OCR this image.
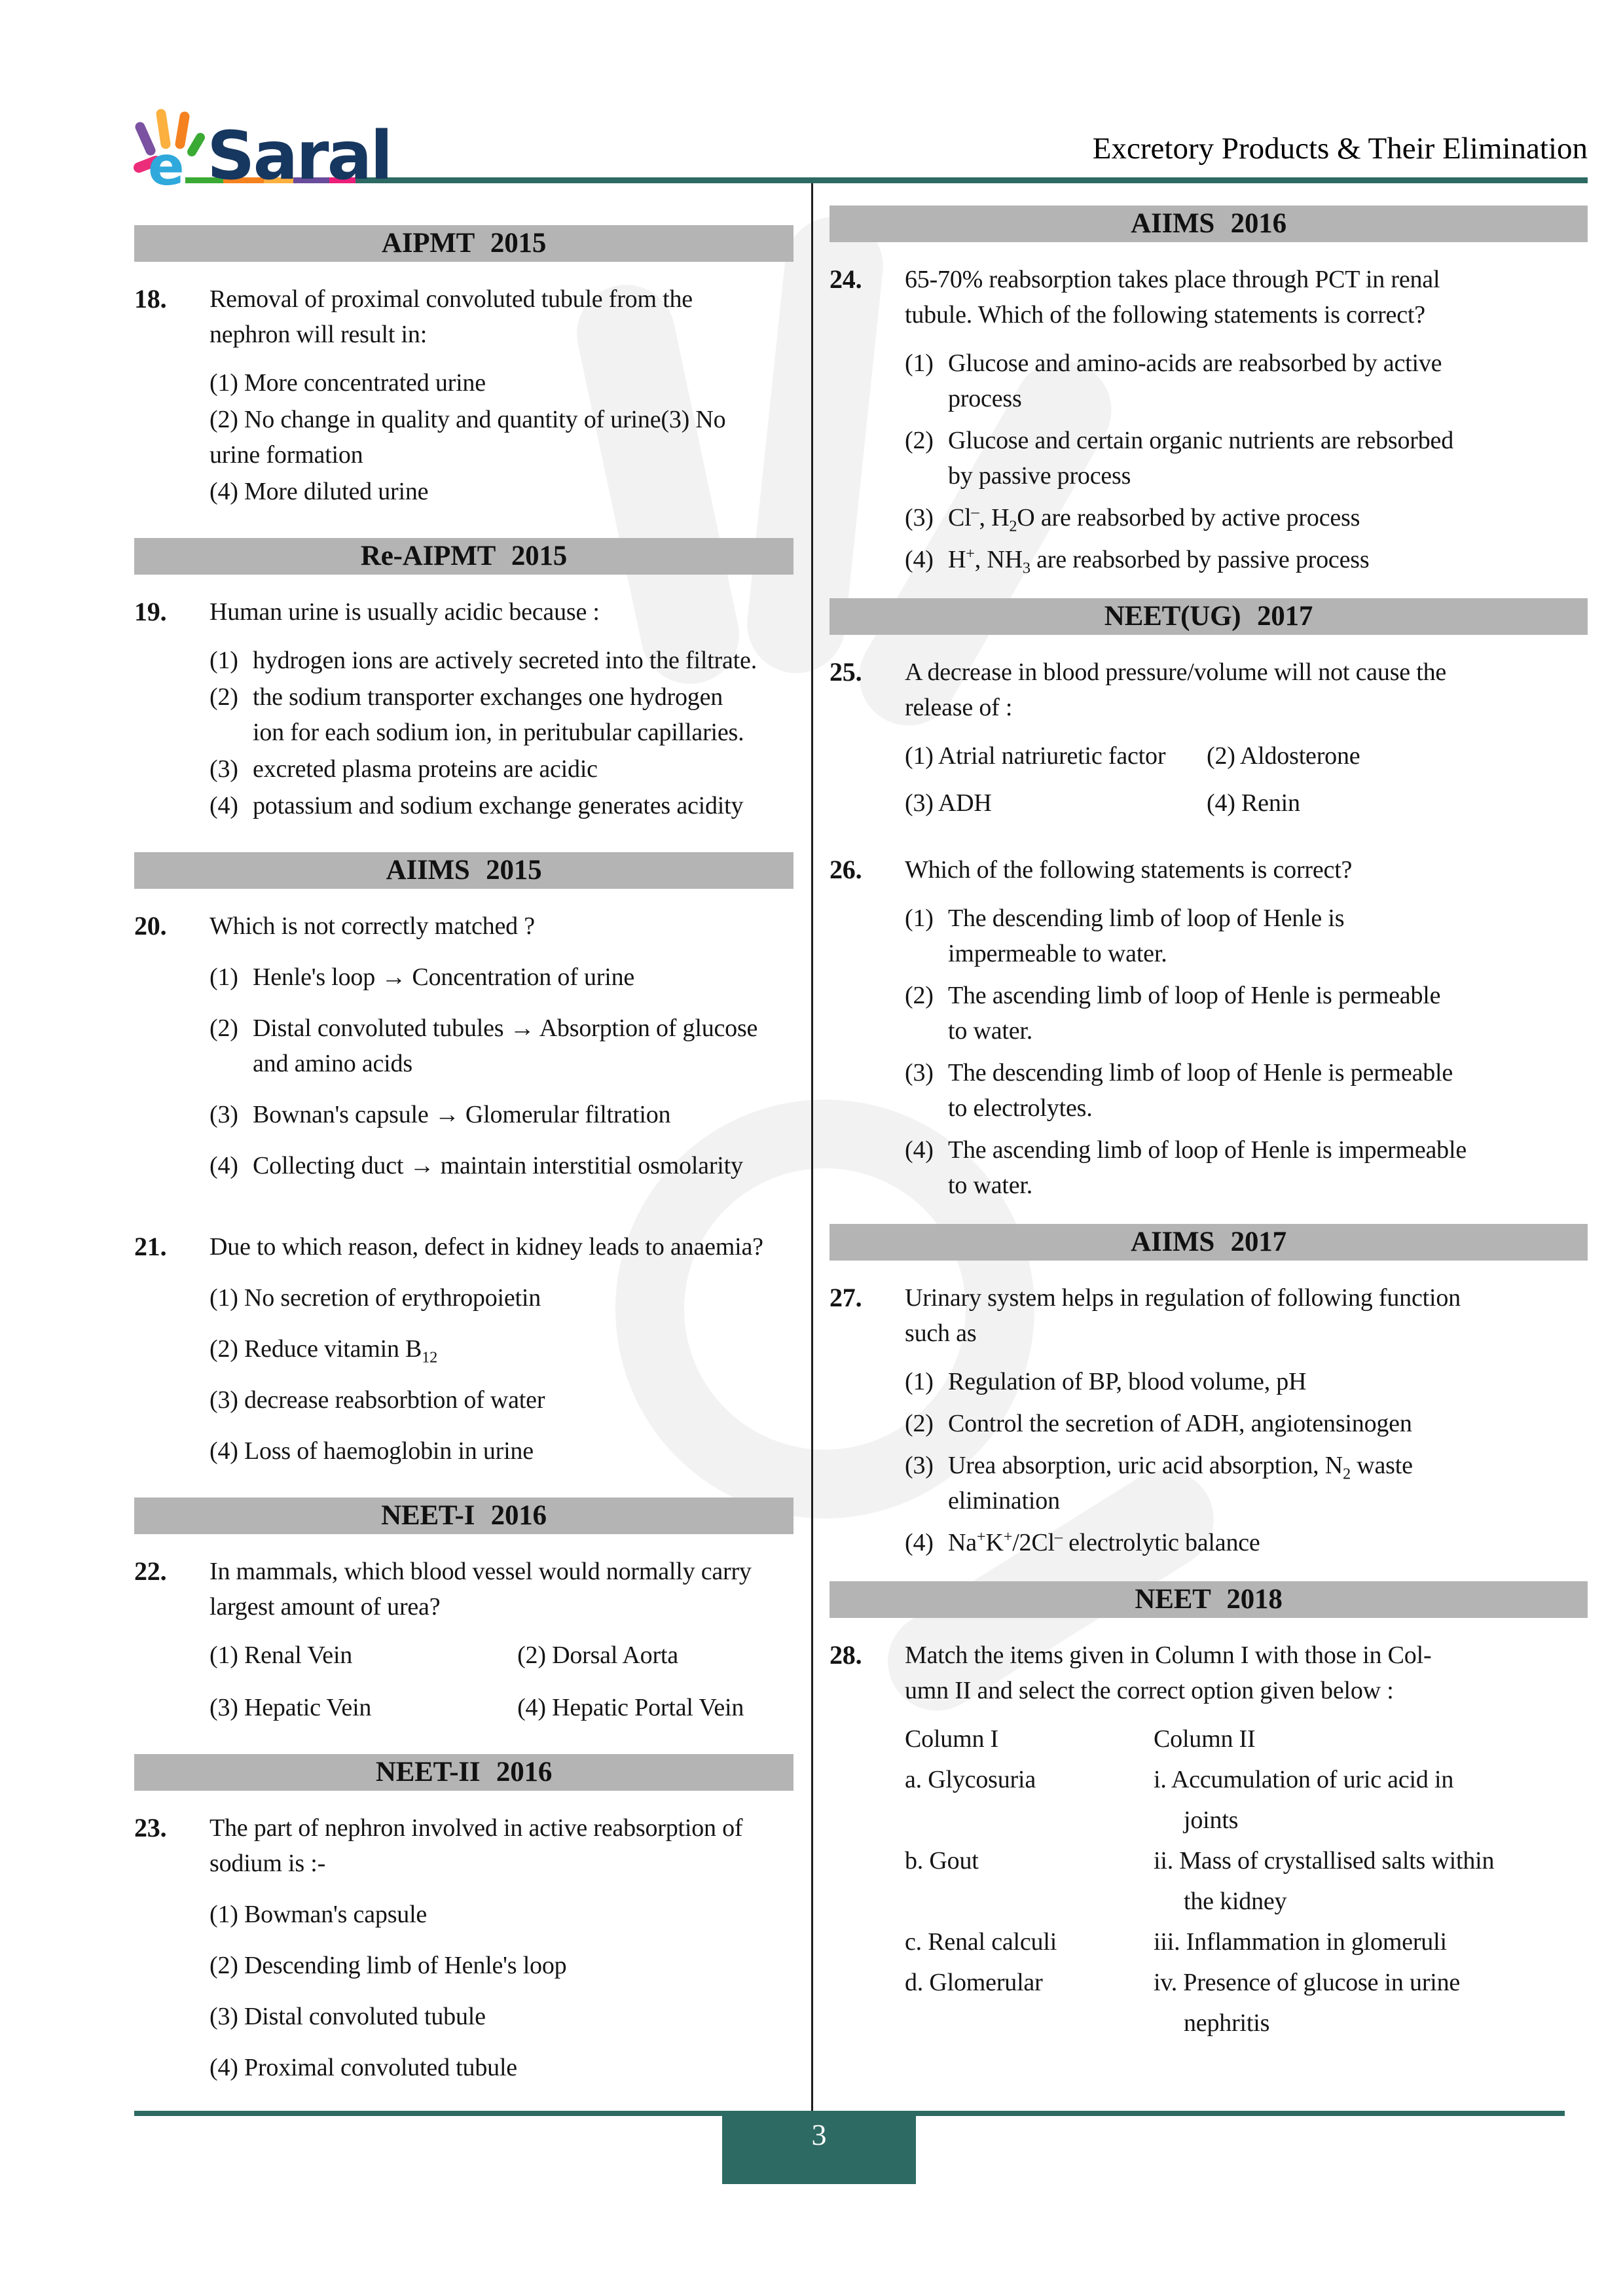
e Saral	Excretory Products & Their Elimination
AIPMT 2015
18.	Removal of proximal convoluted tubule from the
nephron will result in:
(1) More concentrated urine
(2) No change in quality and quantity of urine(3) No
urine formation
(4) More diluted urine
Re-AIPMT 2015
19.	Human urine is usually acidic because :
(1) hydrogen ions are actively secreted into the filtrate.
(2) the sodium transporter exchanges one hydrogen
ion for each sodium ion, in peritubular capillaries.
(3) excreted plasma proteins are acidic
(4) potassium and sodium exchange generates acidity
AIIMS 2015
20.	Which is not correctly matched ?
(1) Henle's loop → Concentration of urine
(2) Distal convoluted tubules → Absorption of glucose
and amino acids
(3) Bownan's capsule → Glomerular filtration
(4) Collecting duct → maintain interstitial osmolarity
21.	Due to which reason, defect in kidney leads to anaemia?
(1) No secretion of erythropoietin
(2) Reduce vitamin $B_{12}$
(3) decrease reabsorbtion of water
(4) Loss of haemoglobin in urine
NEET-I 2016
22.	In mammals, which blood vessel would normally carry
largest amount of urea?
(1) Renal Vein	(2) Dorsal Aorta
(3) Hepatic Vein	(4) Hepatic Portal Vein
NEET-II 2016
23.	The part of nephron involved in active reabsorption of
sodium is :-
(1) Bowman's capsule
(2) Descending limb of Henle's loop
(3) Distal convoluted tubule
(4) Proximal convoluted tubule
AIIMS 2016
24.	65-70% reabsorption takes place through PCT in renal
tubule. Which of the following statements is correct?
(1) Glucose and amino-acids are reabsorbed by active
process
(2) Glucose and certain organic nutrients are rebsorbed
by passive process
(3) Cl–, $H_2O$ are reabsorbed by active process
(4) H+, $NH_3$ are reabsorbed by passive process
NEET(UG) 2017
25.	A decrease in blood pressure/volume will not cause the
release of :
(1) Atrial natriuretic factor	(2) Aldosterone
(3) ADH	(4) Renin
26.	Which of the following statements is correct?
(1) The descending limb of loop of Henle is
impermeable to water.
(2) The ascending limb of loop of Henle is permeable
to water.
(3) The descending limb of loop of Henle is permeable
to electrolytes.
(4) The ascending limb of loop of Henle is impermeable
to water.
AIIMS 2017
27.	Urinary system helps in regulation of following function
such as
(1) Regulation of BP, blood volume, pH
(2) Control the secretion of ADH, angiotensinogen
(3) Urea absorption, uric acid absorption, $N_2$ waste
elimination
(4) Na+K+/2Cl– electrolytic balance
NEET 2018
28.	Match the items given in Column I with those in Col-
umn II and select the correct option given below :
Column I	Column II
a. Glycosuria	i. Accumulation of uric acid in
joints
b. Gout	ii. Mass of crystallised salts within
the kidney
c. Renal calculi	iii. Inflammation in glomeruli
d. Glomerular	iv. Presence of glucose in urine
nephritis
3
